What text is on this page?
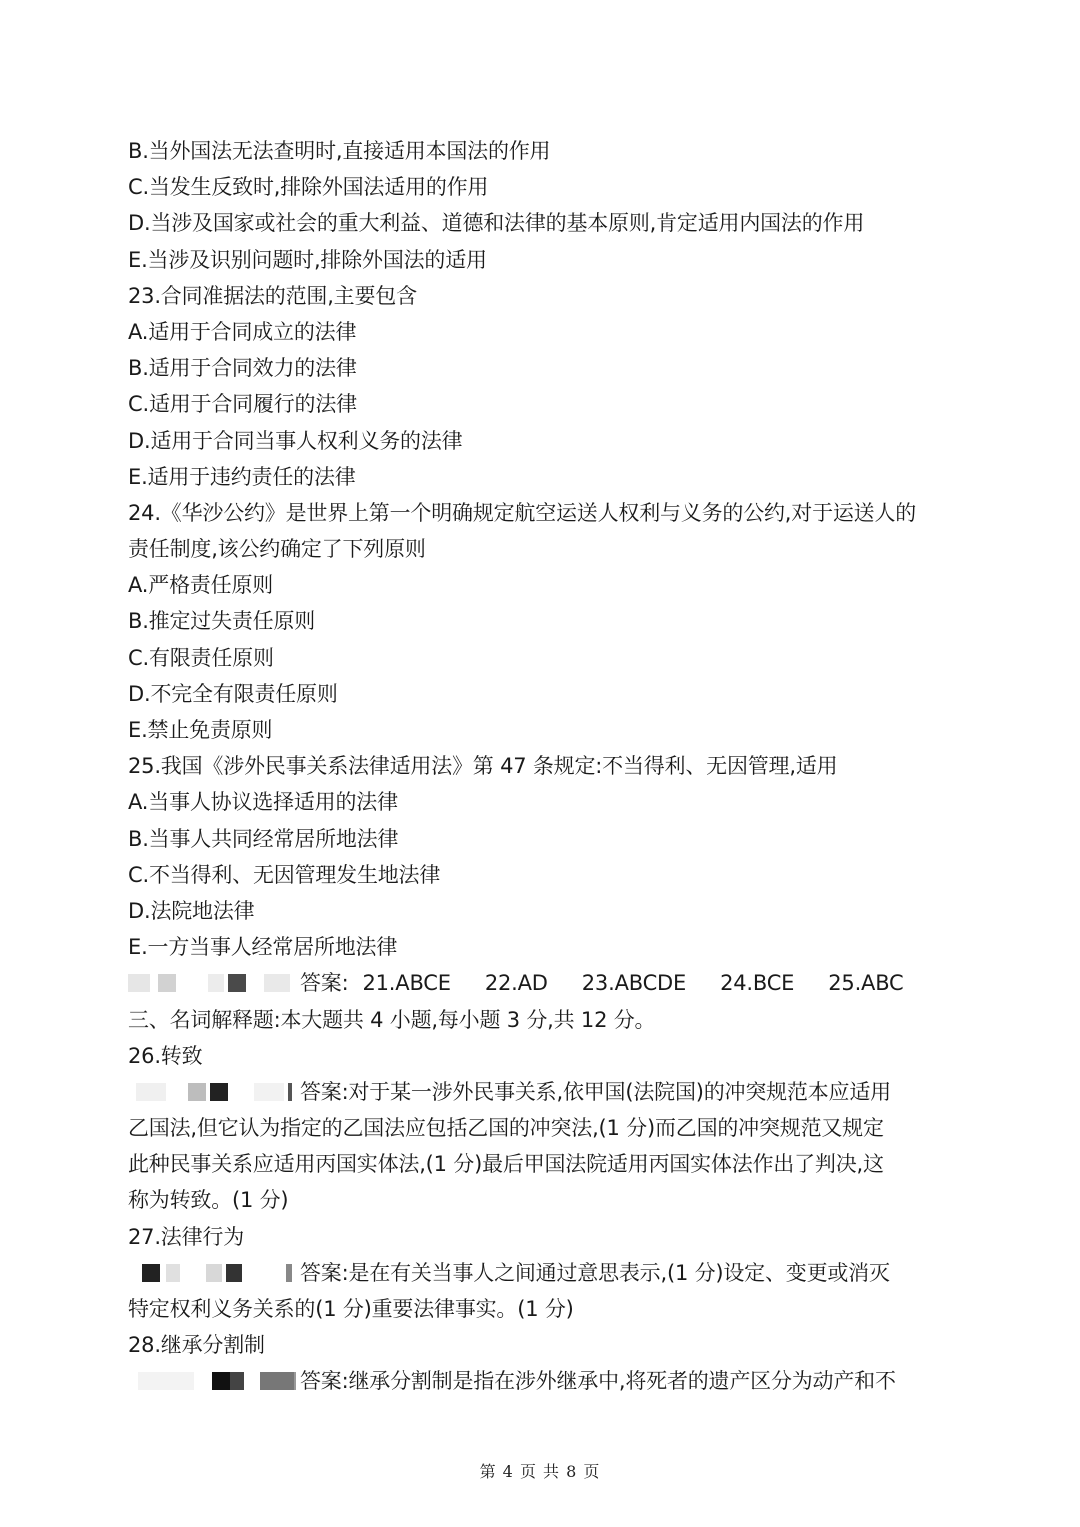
B.当外国法无法查明时,直接适用本国法的作用
C.当发生反致时,排除外国法适用的作用
D.当涉及国家或社会的重大利益、道德和法律的基本原则,肯定适用内国法的作用
E.当涉及识别问题时,排除外国法的适用
23.合同准据法的范围,主要包含
A.适用于合同成立的法律
B.适用于合同效力的法律
C.适用于合同履行的法律
D.适用于合同当事人权利义务的法律
E.适用于违约责任的法律
24.《华沙公约》是世界上第一个明确规定航空运送人权利与义务的公约,对于运送人的
责任制度,该公约确定了下列原则
A.严格责任原则
B.推定过失责任原则
C.有限责任原则
D.不完全有限责任原则
E.禁止免责原则
25.我国《涉外民事关系法律适用法》第 47 条规定:不当得利、无因管理,适用
A.当事人协议选择适用的法律
B.当事人共同经常居所地法律
C.不当得利、无因管理发生地法律
D.法院地法律
E.一方当事人经常居所地法律
答案: 21.ABCE 22.AD 23.ABCDE 24.BCE 25.ABC
三、名词解释题:本大题共 4 小题,每小题 3 分,共 12 分。
26.转致
答案:对于某一涉外民事关系,依甲国(法院国)的冲突规范本应适用
乙国法,但它认为指定的乙国法应包括乙国的冲突法,(1 分)而乙国的冲突规范又规定
此种民事关系应适用丙国实体法,(1 分)最后甲国法院适用丙国实体法作出了判决,这
称为转致。(1 分)
27.法律行为
答案:是在有关当事人之间通过意思表示,(1 分)设定、变更或消灭
特定权利义务关系的(1 分)重要法律事实。(1 分)
28.继承分割制
答案:继承分割制是指在涉外继承中,将死者的遗产区分为动产和不
第 4 页 共 8 页
